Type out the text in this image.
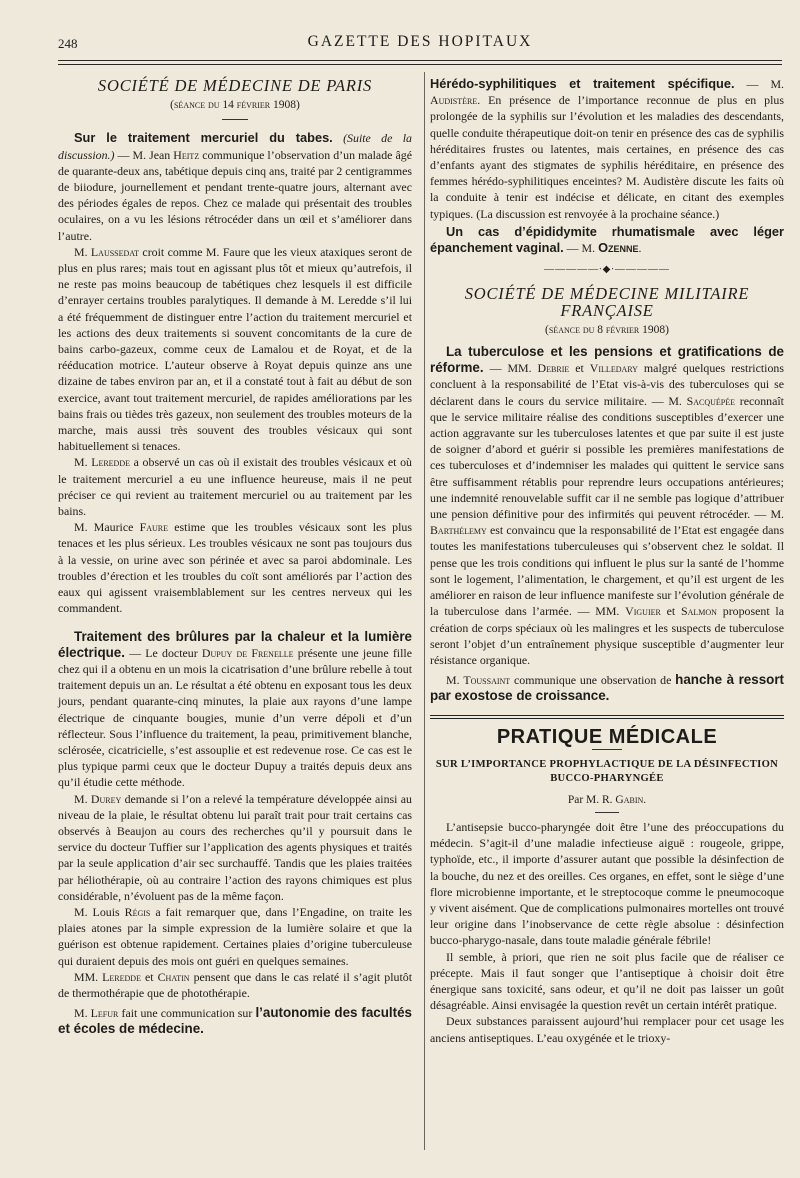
248	GAZETTE DES HOPITAUX
SOCIÉTÉ DE MÉDECINE DE PARIS
(séance du 14 février 1908)

Sur le traitement mercuriel du tabes. (Suite de la discussion.) — M. Jean Heitz communique l’observation d’un malade âgé de quarante-deux ans, tabétique depuis cinq ans, traité par 2 centigrammes de biiodure, journellement et pendant trente-quatre jours, alternant avec des périodes égales de repos. Chez ce malade qui présentait des troubles oculaires, on a vu les lésions rétrocéder dans un œil et s’améliorer dans l’autre.

M. Laussedat croit comme M. Faure que les vieux ataxiques seront de plus en plus rares; mais tout en agissant plus tôt et mieux qu’autrefois, il ne reste pas moins beaucoup de tabétiques chez lesquels il est difficile d’enrayer certains troubles paralytiques. Il demande à M. Leredde s’il lui a été fréquemment de distinguer entre l’action du traitement mercuriel et les actions des deux traitements si souvent concomitants de la cure de bains carbo-gazeux, comme ceux de Lamalou et de Royat, et de la rééducation motrice. L’auteur observe à Royat depuis quinze ans une dizaine de tabes environ par an, et il a constaté tout à fait au début de son exercice, avant tout traitement mercuriel, de rapides améliorations par les bains frais ou tièdes très gazeux, non seulement des troubles moteurs de la marche, mais aussi très souvent des troubles vésicaux qui sont habituellement si tenaces.

M. Leredde a observé un cas où il existait des troubles vésicaux et où le traitement mercuriel a eu une influence heureuse, mais il ne peut préciser ce qui revient au traitement mercuriel ou au traitement par les bains.

M. Maurice Faure estime que les troubles vésicaux sont les plus tenaces et les plus sérieux. Les troubles vésicaux ne sont pas toujours dus à la vessie, on urine avec son périnée et avec sa paroi abdominale. Les troubles d’érection et les troubles du coït sont améliorés par l’action des eaux qui agissent vraisemblablement sur les centres nerveux qui les commandent.

Traitement des brûlures par la chaleur et la lumière électrique. — Le docteur Dupuy de Frenelle présente une jeune fille chez qui il a obtenu en un mois la cicatrisation d’une brûlure rebelle à tout traitement depuis un an. Le résultat a été obtenu en exposant tous les deux jours, pendant quarante-cinq minutes, la plaie aux rayons d’une lampe électrique de cinquante bougies, munie d’un verre dépoli et d’un réflecteur. Sous l’influence du traitement, la peau, primitivement blanche, sclérosée, cicatricielle, s’est assouplie et est redevenue rose. Ce cas est le plus typique parmi ceux que le docteur Dupuy a traités depuis deux ans qu’il étudie cette méthode.

M. Durey demande si l’on a relevé la température développée ainsi au niveau de la plaie, le résultat obtenu lui paraît trait pour trait certains cas observés à Beaujon au cours des recherches qu’il y poursuit dans le service du docteur Tuffier sur l’application des agents physiques et traités par la seule application d’air sec surchauffé. Tandis que les plaies traitées par héliothérapie, où au contraire l’action des rayons chimiques est plus considérable, n’évoluent pas de la même façon.

M. Louis Régis a fait remarquer que, dans l’Engadine, on traite les plaies atones par la simple expression de la lumière solaire et que la guérison est obtenue rapidement. Certaines plaies d’origine tuberculeuse qui duraient depuis des mois ont guéri en quelques semaines.

MM. Leredde et Chatin pensent que dans le cas relaté il s’agit plutôt de thermothérapie que de photothérapie.

M. Lefur fait une communication sur l’autonomie des facultés et écoles de médecine.

Hérédo-syphilitiques et traitement spécifique. — M. Audistère. En présence de l’importance reconnue de plus en plus prolongée de la syphilis sur l’évolution et les maladies des descendants, quelle conduite thérapeutique doit-on tenir en présence des cas de syphilis héréditaires frustes ou latentes, mais certaines, en présence des cas d’enfants ayant des stigmates de syphilis héréditaire, en présence des femmes hérédo-syphilitiques enceintes? M. Audistère discute les faits où la conduite à tenir est indécise et délicate, en citant des exemples typiques. (La discussion est renvoyée à la prochaine séance.)

Un cas d’épididymite rhumatismale avec léger épanchement vaginal. — M. Ozenne.

—————∙◆∙—————
SOCIÉTÉ DE MÉDECINE MILITAIRE FRANÇAISE
(séance du 8 février 1908)

La tuberculose et les pensions et gratifications de réforme. — MM. Debrie et Villedary malgré quelques restrictions concluent à la responsabilité de l’Etat vis-à-vis des tuberculoses qui se déclarent dans le cours du service militaire. — M. Sacquépée reconnaît que le service militaire réalise des conditions susceptibles d’exercer une action aggravante sur les tuberculoses latentes et que par suite il est juste de soigner d’abord et guérir si possible les premières manifestations de ces tuberculoses et d’indemniser les malades qui quittent le service sans être suffisamment rétablis pour reprendre leurs occupations antérieures; une indemnité renouvelable suffit car il ne semble pas logique d’attribuer une pension définitive pour des infirmités qui peuvent rétrocéder. — M. Barthélemy est convaincu que la responsabilité de l’Etat est engagée dans toutes les manifestations tuberculeuses qui s’observent chez le soldat. Il pense que les trois conditions qui influent le plus sur la santé de l’homme sont le logement, l’alimentation, le chargement, et qu’il est urgent de les améliorer en raison de leur influence manifeste sur l’évolution générale de la tuberculose dans l’armée. — MM. Viguier et Salmon proposent la création de corps spéciaux où les malingres et les suspects de tuberculose seront l’objet d’un entraînement physique susceptible d’augmenter leur résistance organique.

M. Toussaint communique une observation de hanche à ressort par exostose de croissance.

PRATIQUE MÉDICALE
SUR L’IMPORTANCE PROPHYLACTIQUE DE LA DÉSINFECTION BUCCO-PHARYNGÉE
Par M. R. Gabin.

L’antisepsie bucco-pharyngée doit être l’une des préoccupations du médecin. S’agit-il d’une maladie infectieuse aiguë : rougeole, grippe, typhoïde, etc., il importe d’assurer autant que possible la désinfection de la bouche, du nez et des oreilles. Ces organes, en effet, sont le siège d’une flore microbienne importante, et le streptocoque comme le pneumocoque y vivent aisément. Que de complications pulmonaires mortelles ont trouvé leur origine dans l’inobservance de cette règle absolue : désinfection bucco-pharygo-nasale, dans toute maladie générale fébrile!

Il semble, à priori, que rien ne soit plus facile que de réaliser ce précepte. Mais il faut songer que l’antiseptique à choisir doit être énergique sans toxicité, sans odeur, et qu’il ne doit pas laisser un goût désagréable. Ainsi envisagée la question revêt un certain intérêt pratique.

Deux substances paraissent aujourd’hui remplacer pour cet usage les anciens antiseptiques. L’eau oxygénée et le trioxy-
